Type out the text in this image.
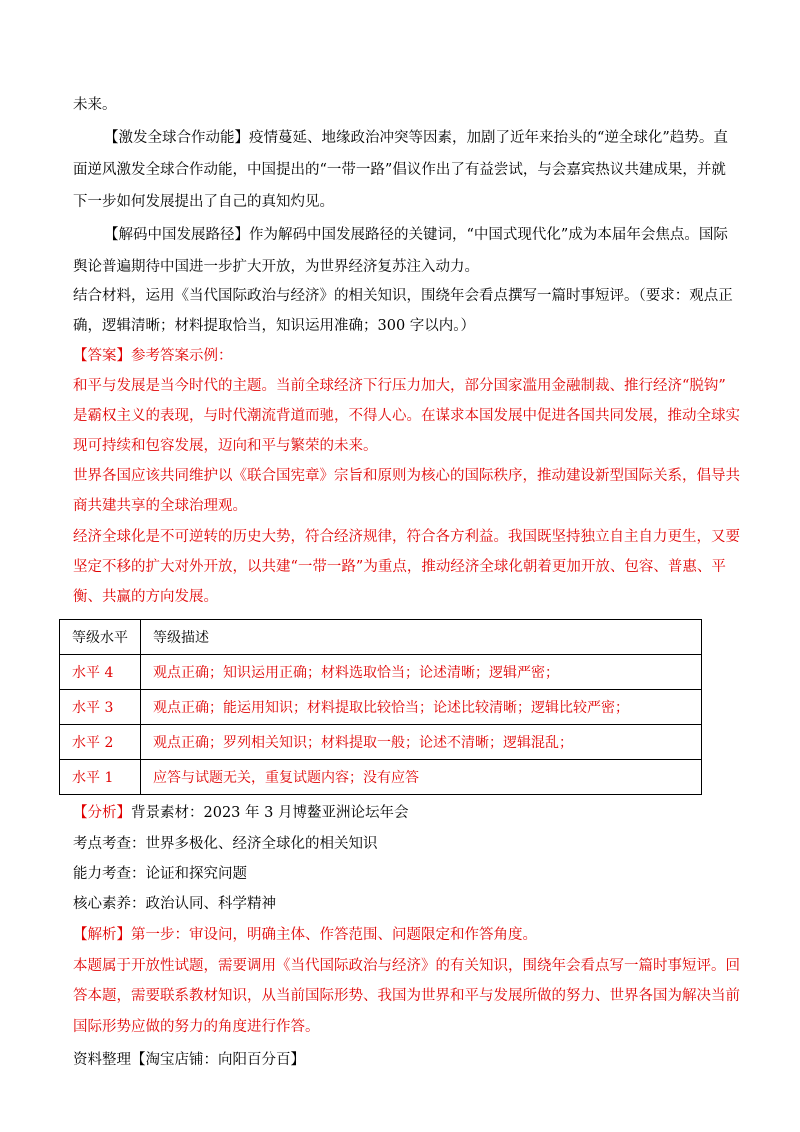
未来。
【激发全球合作动能】疫情蔓延、地缘政治冲突等因素，加剧了近年来抬头的“逆全球化”趋势。直
面逆风激发全球合作动能，中国提出的“一带一路”倡议作出了有益尝试，与会嘉宾热议共建成果，并就
下一步如何发展提出了自己的真知灼见。
【解码中国发展路径】作为解码中国发展路径的关键词，“中国式现代化”成为本届年会焦点。国际
舆论普遍期待中国进一步扩大开放，为世界经济复苏注入动力。
结合材料，运用《当代国际政治与经济》的相关知识，围绕年会看点撰写一篇时事短评。（要求：观点正
确，逻辑清晰；材料提取恰当，知识运用准确；300 字以内。）
【答案】参考答案示例：
和平与发展是当今时代的主题。当前全球经济下行压力加大，部分国家滥用金融制裁、推行经济“脱钩”
是霸权主义的表现，与时代潮流背道而驰，不得人心。在谋求本国发展中促进各国共同发展，推动全球实
现可持续和包容发展，迈向和平与繁荣的未来。
世界各国应该共同维护以《联合国宪章》宗旨和原则为核心的国际秩序，推动建设新型国际关系，倡导共
商共建共享的全球治理观。
经济全球化是不可逆转的历史大势，符合经济规律，符合各方利益。我国既坚持独立自主自力更生，又要
坚定不移的扩大对外开放，以共建“一带一路”为重点，推动经济全球化朝着更加开放、包容、普惠、平
衡、共赢的方向发展。
等级水平	等级描述
水平 4	观点正确；知识运用正确；材料选取恰当；论述清晰；逻辑严密；
水平 3	观点正确；能运用知识；材料提取比较恰当；论述比较清晰；逻辑比较严密；
水平 2	观点正确；罗列相关知识；材料提取一般；论述不清晰；逻辑混乱；
水平 1	应答与试题无关，重复试题内容；没有应答
【分析】背景素材：2023 年 3 月博鳌亚洲论坛年会
考点考查：世界多极化、经济全球化的相关知识
能力考查：论证和探究问题
核心素养：政治认同、科学精神
【解析】第一步：审设问，明确主体、作答范围、问题限定和作答角度。
本题属于开放性试题，需要调用《当代国际政治与经济》的有关知识，围绕年会看点写一篇时事短评。回
答本题，需要联系教材知识，从当前国际形势、我国为世界和平与发展所做的努力、世界各国为解决当前
国际形势应做的努力的角度进行作答。
资料整理【淘宝店铺：向阳百分百】
